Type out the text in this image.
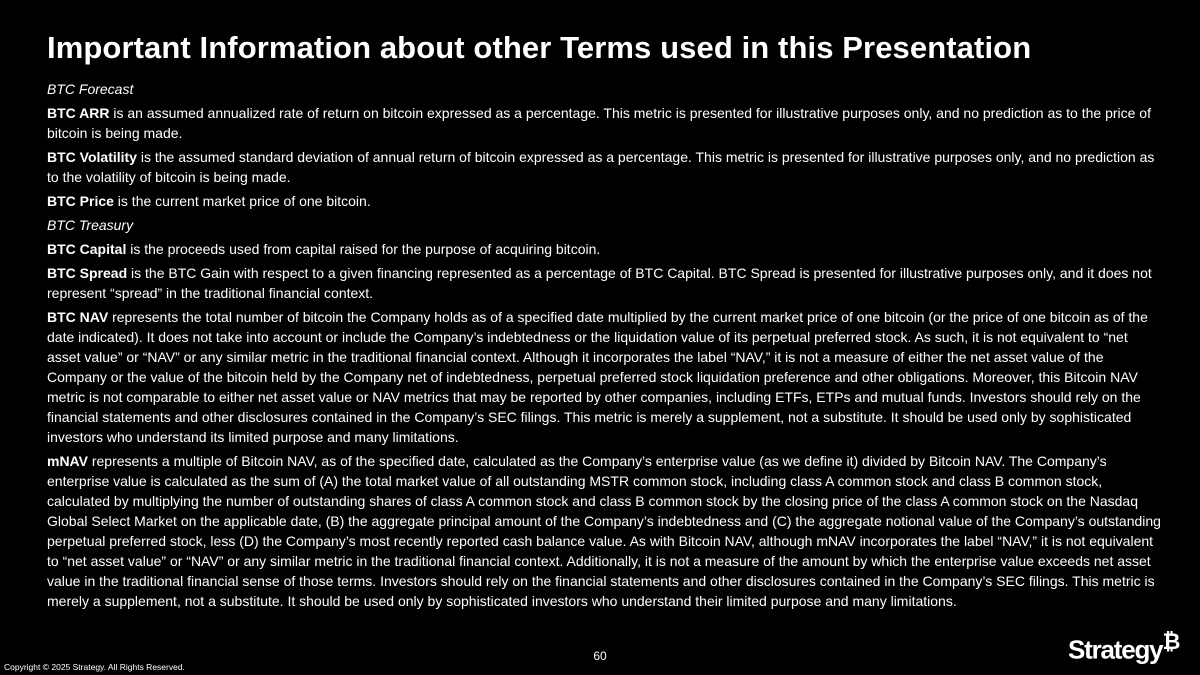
Important Information about other Terms used in this Presentation
BTC Forecast

BTC ARR is an assumed annualized rate of return on bitcoin expressed as a percentage. This metric is presented for illustrative purposes only, and no prediction as to the price of bitcoin is being made.

BTC Volatility is the assumed standard deviation of annual return of bitcoin expressed as a percentage. This metric is presented for illustrative purposes only, and no prediction as to the volatility of bitcoin is being made.

BTC Price is the current market price of one bitcoin.

BTC Treasury

BTC Capital is the proceeds used from capital raised for the purpose of acquiring bitcoin.

BTC Spread is the BTC Gain with respect to a given financing represented as a percentage of BTC Capital. BTC Spread is presented for illustrative purposes only, and it does not represent “spread” in the traditional financial context.

BTC NAV represents the total number of bitcoin the Company holds as of a specified date multiplied by the current market price of one bitcoin (or the price of one bitcoin as of the date indicated). It does not take into account or include the Company’s indebtedness or the liquidation value of its perpetual preferred stock. As such, it is not equivalent to “net asset value” or “NAV” or any similar metric in the traditional financial context. Although it incorporates the label “NAV,” it is not a measure of either the net asset value of the Company or the value of the bitcoin held by the Company net of indebtedness, perpetual preferred stock liquidation preference and other obligations. Moreover, this Bitcoin NAV metric is not comparable to either net asset value or NAV metrics that may be reported by other companies, including ETFs, ETPs and mutual funds. Investors should rely on the financial statements and other disclosures contained in the Company’s SEC filings. This metric is merely a supplement, not a substitute. It should be used only by sophisticated investors who understand its limited purpose and many limitations.

mNAV represents a multiple of Bitcoin NAV, as of the specified date, calculated as the Company’s enterprise value (as we define it) divided by Bitcoin NAV. The Company’s enterprise value is calculated as the sum of (A) the total market value of all outstanding MSTR common stock, including class A common stock and class B common stock, calculated by multiplying the number of outstanding shares of class A common stock and class B common stock by the closing price of the class A common stock on the Nasdaq Global Select Market on the applicable date, (B) the aggregate principal amount of the Company’s indebtedness and (C) the aggregate notional value of the Company’s outstanding perpetual preferred stock, less (D) the Company’s most recently reported cash balance value. As with Bitcoin NAV, although mNAV incorporates the label “NAV,” it is not equivalent to “net asset value” or “NAV” or any similar metric in the traditional financial context. Additionally, it is not a measure of the amount by which the enterprise value exceeds net asset value in the traditional financial sense of those terms. Investors should rely on the financial statements and other disclosures contained in the Company’s SEC filings. This metric is merely a supplement, not a substitute. It should be used only by sophisticated investors who understand their limited purpose and many limitations.

60	Strategy₿
Copyright © 2025 Strategy. All Rights Reserved.
